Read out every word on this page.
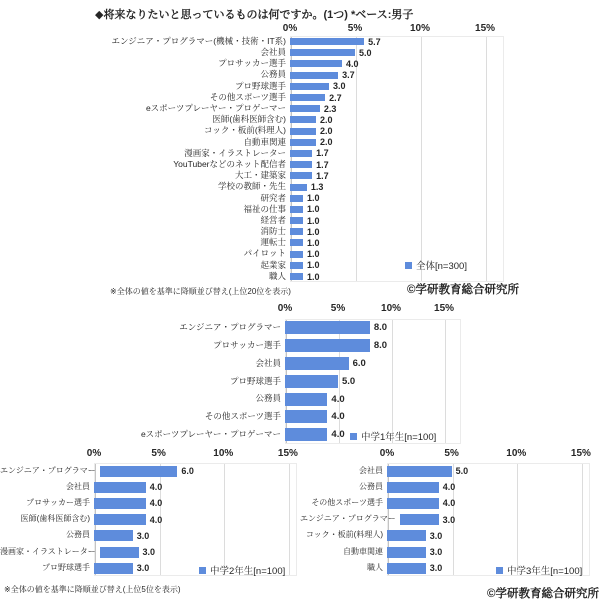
◆将来なりたいと思っているものは何ですか。(1つ) *ベース:男子
0%	5%	10%	15%
エンジニア・プログラマー(機械・技術・IT系)	5.7
会社員	5.0
プロサッカー選手	4.0
公務員	3.7
プロ野球選手	3.0
その他スポーツ選手	2.7
eスポーツプレーヤー・プロゲーマー	2.3
医師(歯科医師含む)	2.0
コック・板前(料理人)	2.0
自動車関連	2.0
漫画家・イラストレーター	1.7
YouTuberなどのネット配信者	1.7
大工・建築家	1.7
学校の教師・先生	1.3
研究者	1.0
福祉の仕事	1.0
経営者	1.0
消防士	1.0
運転士	1.0
パイロット	1.0
起業家	1.0
職人	1.0
全体[n=300]
※全体の値を基準に降順並び替え(上位20位を表示)	©学研教育総合研究所
0%	5%	10%	15%
エンジニア・プログラマー	8.0
プロサッカー選手	8.0
会社員	6.0
プロ野球選手	5.0
公務員	4.0
その他スポーツ選手	4.0
eスポーツプレーヤー・プロゲーマー	4.0 中学1年生[n=100]
0%	5%	10%	15%
エンジニア・プログラマー	6.0
会社員	4.0
プロサッカー選手	4.0
医師(歯科医師含む)	4.0
公務員	3.0
漫画家・イラストレーター	3.0
プロ野球選手	3.0	中学2年生[n=100]
0%	5%	10%	15%
会社員	5.0
公務員	4.0
その他スポーツ選手	4.0
エンジニア・プログラマー	3.0
コック・板前(料理人)	3.0
自動車関連	3.0
職人	3.0	中学3年生[n=100]
※全体の値を基準に降順並び替え(上位5位を表示)	©学研教育総合研究所
